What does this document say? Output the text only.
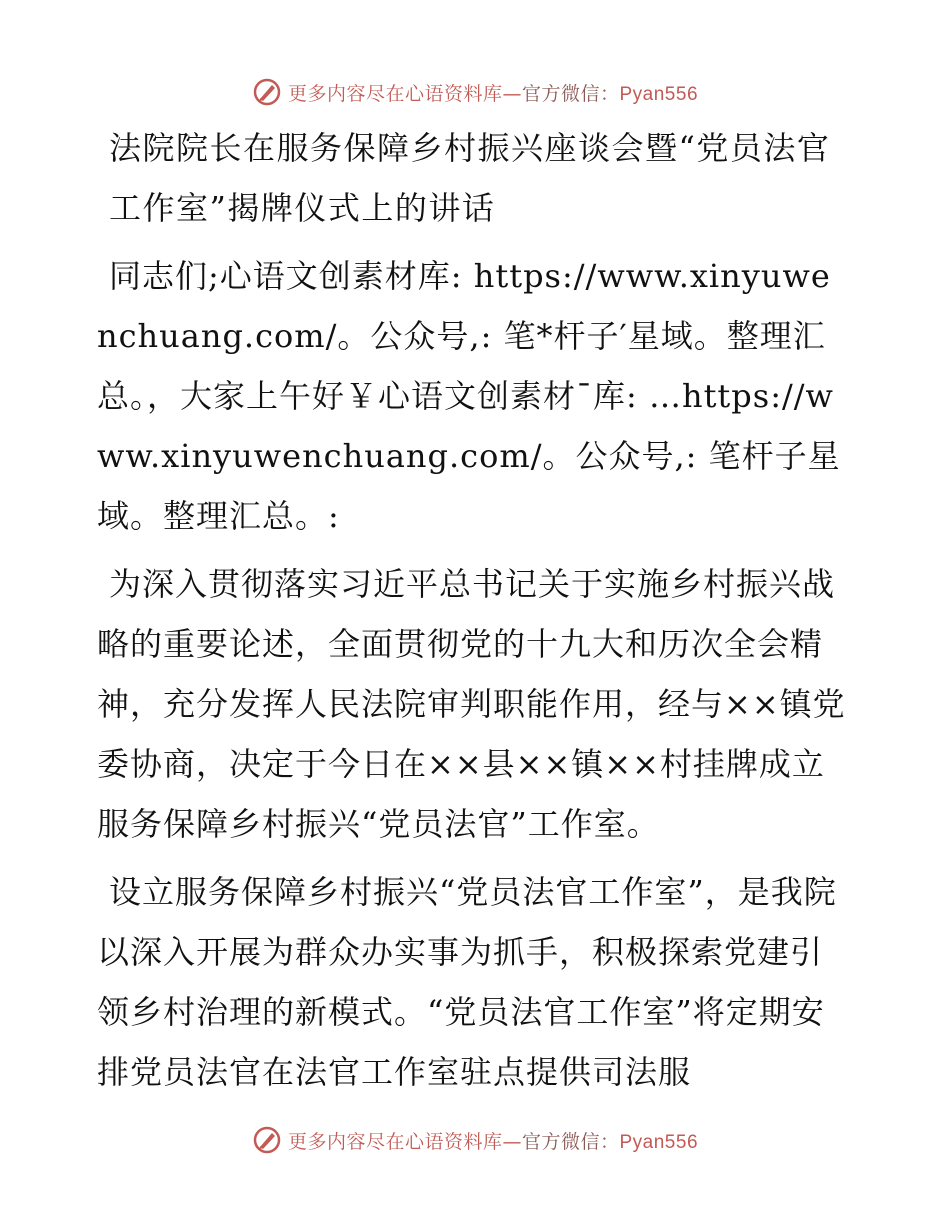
更多内容尽在心语资料库—官方微信：Pyan556
法院院长在服务保障乡村振兴座谈会暨“党员法官工作室”揭牌仪式上的讲话

同志们;心语文创素材库: https://www.xinyuwenchuang.com/。公众号,: 笔*杆子′星域。整理汇总。，大家上午好￥心语文创素材¯库: …https://www.xinyuwenchuang.com/。公众号,: 笔杆子星域。整理汇总。:

为深入贯彻落实习近平总书记关于实施乡村振兴战略的重要论述，全面贯彻党的十九大和历次全会精神，充分发挥人民法院审判职能作用，经与××镇党委协商，决定于今日在××县××镇××村挂牌成立服务保障乡村振兴“党员法官”工作室。

设立服务保障乡村振兴“党员法官工作室”，是我院以深入开展为群众办实事为抓手，积极探索党建引领乡村治理的新模式。“党员法官工作室”将定期安排党员法官在法官工作室驻点提供司法服

更多内容尽在心语资料库—官方微信：Pyan556
